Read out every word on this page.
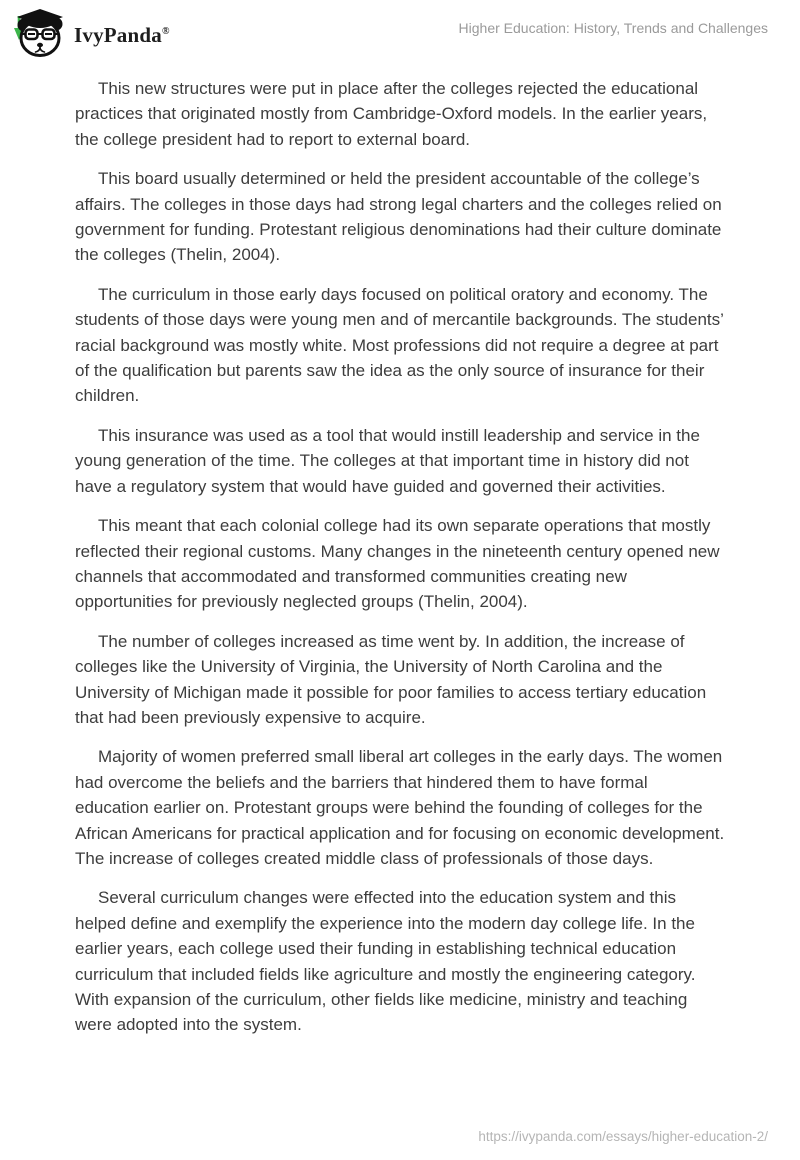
IvyPanda®	Higher Education: History, Trends and Challenges

This new structures were put in place after the colleges rejected the educational practices that originated mostly from Cambridge-Oxford models. In the earlier years, the college president had to report to external board.

This board usually determined or held the president accountable of the college’s affairs. The colleges in those days had strong legal charters and the colleges relied on government for funding. Protestant religious denominations had their culture dominate the colleges (Thelin, 2004).

The curriculum in those early days focused on political oratory and economy. The students of those days were young men and of mercantile backgrounds. The students’ racial background was mostly white. Most professions did not require a degree at part of the qualification but parents saw the idea as the only source of insurance for their children.

This insurance was used as a tool that would instill leadership and service in the young generation of the time. The colleges at that important time in history did not have a regulatory system that would have guided and governed their activities.

This meant that each colonial college had its own separate operations that mostly reflected their regional customs. Many changes in the nineteenth century opened new channels that accommodated and transformed communities creating new opportunities for previously neglected groups (Thelin, 2004).

The number of colleges increased as time went by. In addition, the increase of colleges like the University of Virginia, the University of North Carolina and the University of Michigan made it possible for poor families to access tertiary education that had been previously expensive to acquire.

Majority of women preferred small liberal art colleges in the early days. The women had overcome the beliefs and the barriers that hindered them to have formal education earlier on. Protestant groups were behind the founding of colleges for the African Americans for practical application and for focusing on economic development. The increase of colleges created middle class of professionals of those days.

Several curriculum changes were effected into the education system and this helped define and exemplify the experience into the modern day college life. In the earlier years, each college used their funding in establishing technical education curriculum that included fields like agriculture and mostly the engineering category. With expansion of the curriculum, other fields like medicine, ministry and teaching were adopted into the system.

https://ivypanda.com/essays/higher-education-2/
